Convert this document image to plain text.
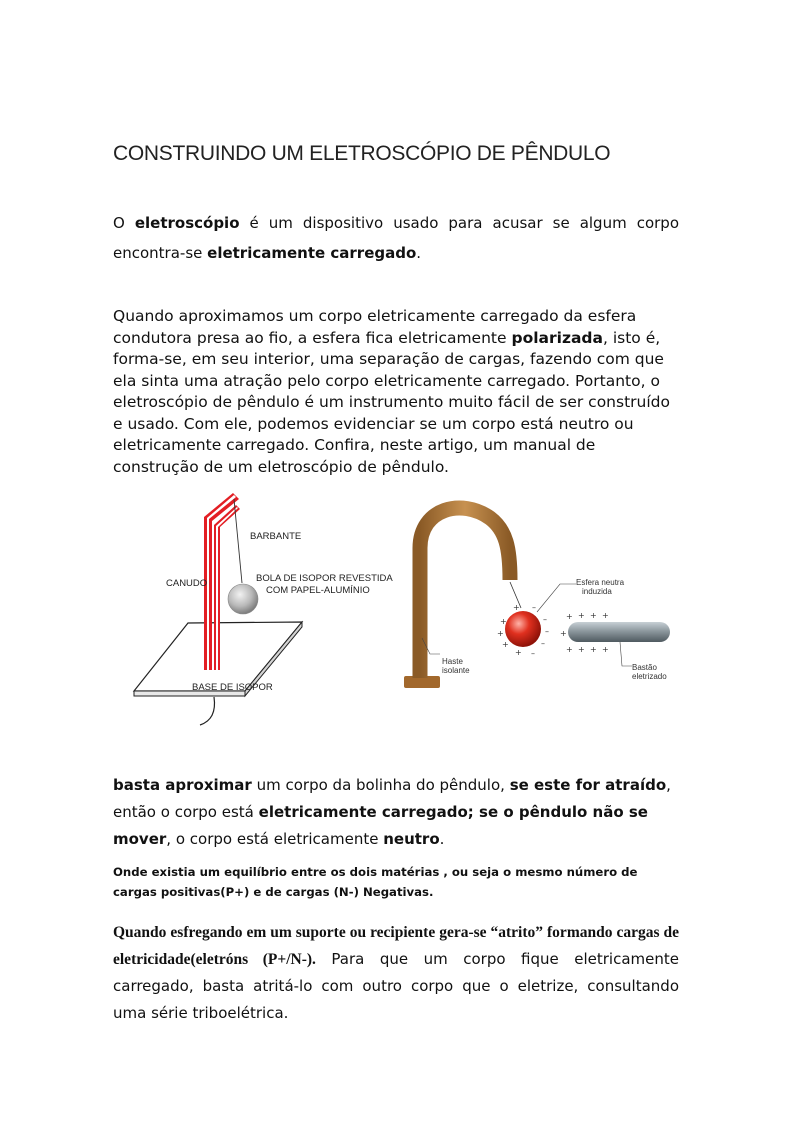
CONSTRUINDO UM ELETROSCÓPIO DE PÊNDULO

O eletroscópio é um dispositivo usado para acusar se algum corpo encontra-se eletricamente carregado.

Quando aproximamos um corpo eletricamente carregado da esfera condutora presa ao fio, a esfera fica eletricamente polarizada, isto é, forma-se, em seu interior, uma separação de cargas, fazendo com que ela sinta uma atração pelo corpo eletricamente carregado. Portanto, o eletroscópio de pêndulo é um instrumento muito fácil de ser construído e usado. Com ele, podemos evidenciar se um corpo está neutro ou eletricamente carregado. Confira, neste artigo, um manual de construção de um eletroscópio de pêndulo.

BARBANTE
CANUDO	BOLA DE ISOPOR REVESTIDA
COM PAPEL-ALUMÍNIO
BASE DE ISOPOR
+
+
+
+
+
–
–
–
–
–
+ + + +
+
+ + + +
Esfera neutra
induzida
Haste
isolante	Bastão
eletrizado

basta aproximar um corpo da bolinha do pêndulo, se este for atraído, então o corpo está eletricamente carregado; se o pêndulo não se mover, o corpo está eletricamente neutro.

Onde existia um equilíbrio entre os dois matérias , ou seja o mesmo número de cargas positivas(P+) e de cargas (N-) Negativas.

Quando esfregando em um suporte ou recipiente gera-se “atrito” formando cargas de eletricidade(eletróns (P+/N-). Para que um corpo fique eletricamente carregado, basta atritá-lo com outro corpo que o eletrize, consultando uma série triboelétrica.
